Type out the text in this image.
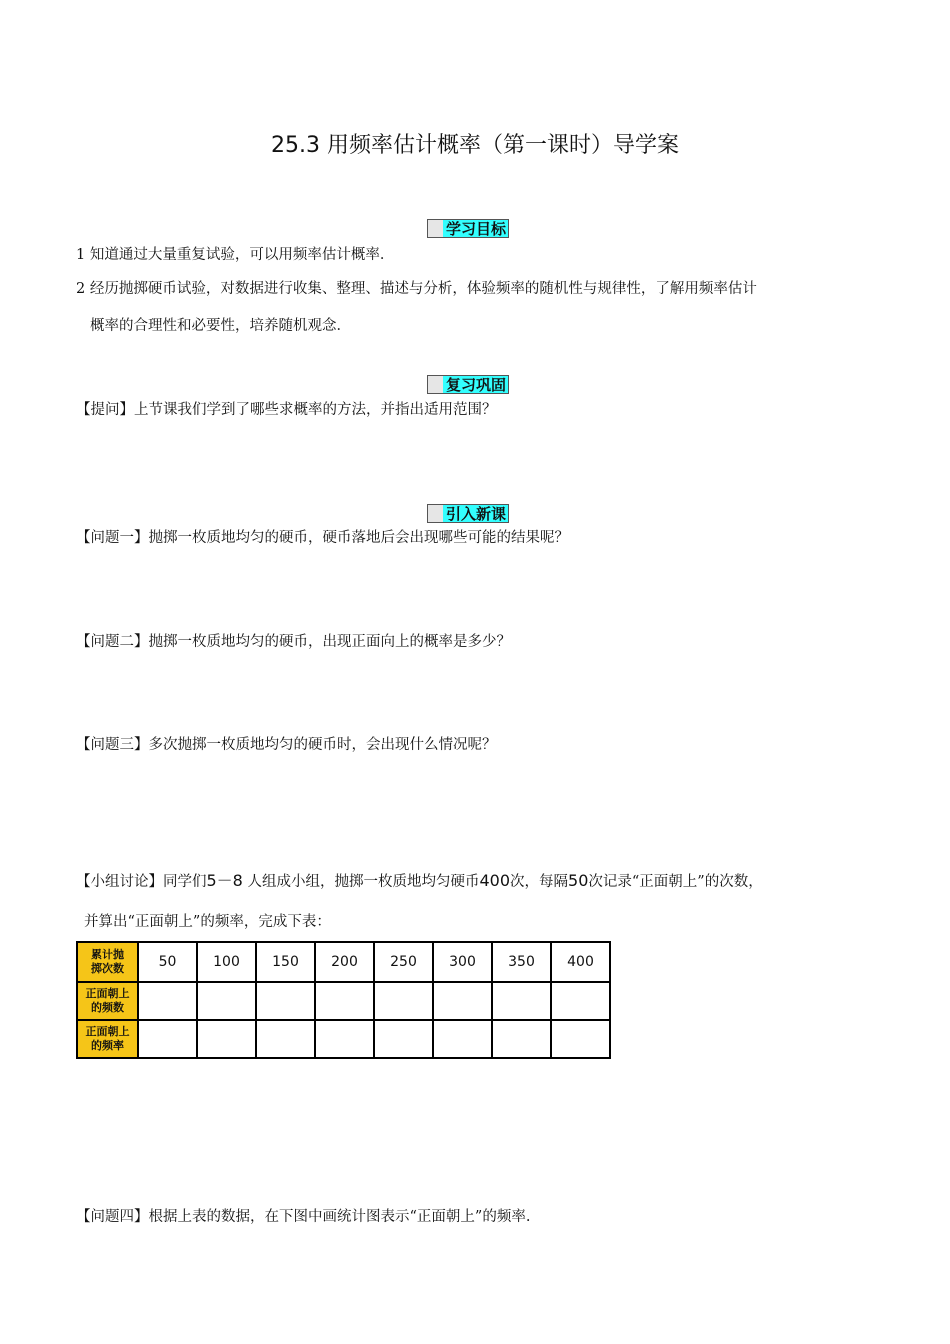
25.3 用频率估计概率（第一课时）导学案
学习目标
1 知道通过大量重复试验，可以用频率估计概率．
2 经历抛掷硬币试验，对数据进行收集、整理、描述与分析，体验频率的随机性与规律性，了解用频率估计
概率的合理性和必要性，培养随机观念．
复习巩固
【提问】上节课我们学到了哪些求概率的方法，并指出适用范围？
引入新课
【问题一】抛掷一枚质地均匀的硬币，硬币落地后会出现哪些可能的结果呢？
【问题二】抛掷一枚质地均匀的硬币，出现正面向上的概率是多少？
【问题三】多次抛掷一枚质地均匀的硬币时，会出现什么情况呢？
【小组讨论】同学们5－8 人组成小组，抛掷一枚质地均匀硬币400次，每隔50次记录“正面朝上”的次数，
并算出“正面朝上”的频率，完成下表：
累计抛
掷次数	50	100	150	200	250	300	350	400
正面朝上
的频数								
正面朝上
的频率								
【问题四】根据上表的数据，在下图中画统计图表示“正面朝上”的频率.
